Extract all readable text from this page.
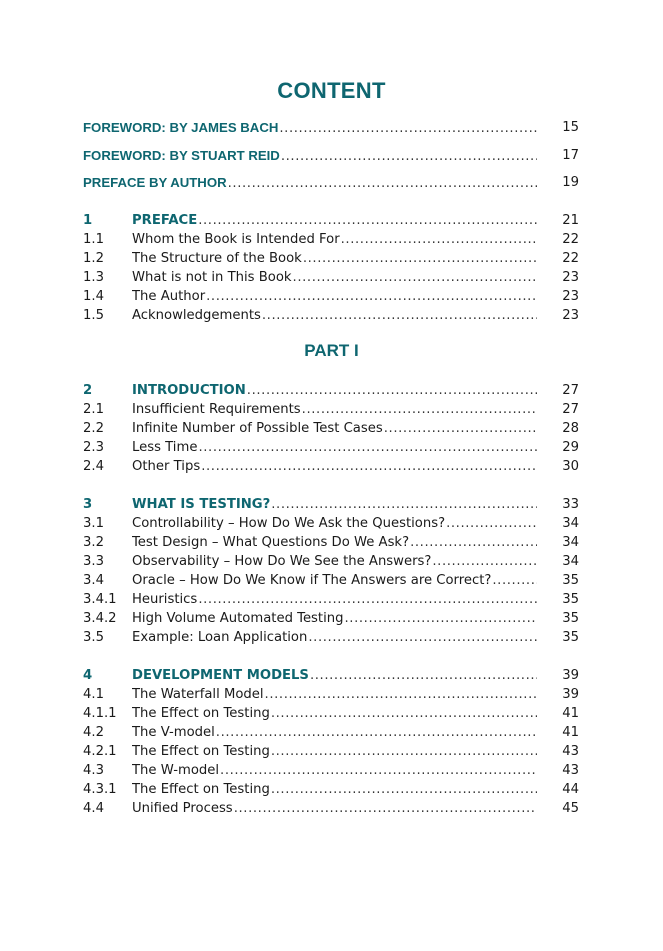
CONTENT
FOREWORD: BY JAMES BACH .....	15
FOREWORD: BY STUART REID .....	17
PREFACE BY AUTHOR .....	19
1	PREFACE .....	21
1.1 Whom the Book is Intended For .....	22
1.2 The Structure of the Book .....	22
1.3 What is not in This Book .....	23
1.4 The Author .....	23
1.5 Acknowledgements .....	23
PART I
2	INTRODUCTION .....	27
2.1 Insufficient Requirements .....	27
2.2 Infinite Number of Possible Test Cases .....	28
2.3 Less Time .....	29
2.4 Other Tips .....	30
3	WHAT IS TESTING? .....	33
3.1 Controllability – How Do We Ask the Questions? .....	34
3.2 Test Design – What Questions Do We Ask? .....	34
3.3 Observability – How Do We See the Answers? .....	34
3.4 Oracle – How Do We Know if The Answers are Correct? .....	35
3.4.1 Heuristics .....	35
3.4.2 High Volume Automated Testing .....	35
3.5 Example: Loan Application .....	35
4	DEVELOPMENT MODELS .....	39
4.1 The Waterfall Model .....	39
4.1.1 The Effect on Testing .....	41
4.2 The V-model .....	41
4.2.1 The Effect on Testing .....	43
4.3 The W-model .....	43
4.3.1 The Effect on Testing .....	44
4.4 Unified Process .....	45
